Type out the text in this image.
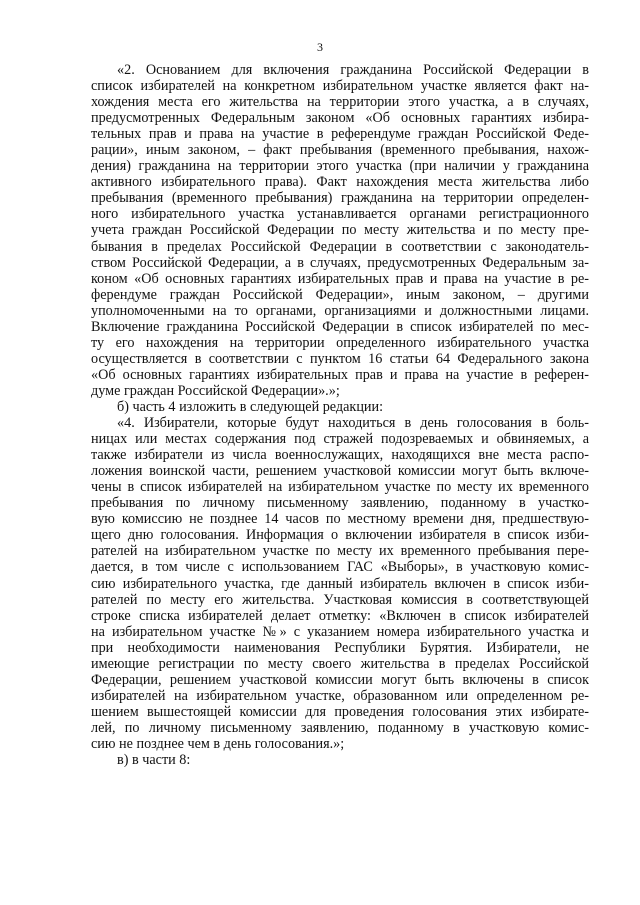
3
«2. Основанием для включения гражданина Российской Федерации в
список избирателей на конкретном избирательном участке является факт на-
хождения места его жительства на территории этого участка, а в случаях,
предусмотренных Федеральным законом «Об основных гарантиях избира-
тельных прав и права на участие в референдуме граждан Российской Феде-
рации», иным законом, – факт пребывания (временного пребывания, нахож-
дения) гражданина на территории этого участка (при наличии у гражданина
активного избирательного права). Факт нахождения места жительства либо
пребывания (временного пребывания) гражданина на территории определен-
ного избирательного участка устанавливается органами регистрационного
учета граждан Российской Федерации по месту жительства и по месту пре-
бывания в пределах Российской Федерации в соответствии с законодатель-
ством Российской Федерации, а в случаях, предусмотренных Федеральным за-
коном «Об основных гарантиях избирательных прав и права на участие в ре-
ферендуме граждан Российской Федерации», иным законом, – другими
уполномоченными на то органами, организациями и должностными лицами.
Включение гражданина Российской Федерации в список избирателей по мес-
ту его нахождения на территории определенного избирательного участка
осуществляется в соответствии с пунктом 16 статьи 64 Федерального закона
«Об основных гарантиях избирательных прав и права на участие в референ-
думе граждан Российской Федерации».»;
б) часть 4 изложить в следующей редакции:
«4. Избиратели, которые будут находиться в день голосования в боль-
ницах или местах содержания под стражей подозреваемых и обвиняемых, а
также избиратели из числа военнослужащих, находящихся вне места распо-
ложения воинской части, решением участковой комиссии могут быть включе-
чены в список избирателей на избирательном участке по месту их временного
пребывания по личному письменному заявлению, поданному в участко-
вую комиссию не позднее 14 часов по местному времени дня, предшествую-
щего дню голосования. Информация о включении избирателя в список изби-
рателей на избирательном участке по месту их временного пребывания пере-
дается, в том числе с использованием ГАС «Выборы», в участковую комис-
сию избирательного участка, где данный избиратель включен в список изби-
рателей по месту его жительства. Участковая комиссия в соответствующей
строке списка избирателей делает отметку: «Включен в список избирателей
на избирательном участке №» с указанием номера избирательного участка и
при необходимости наименования Республики Бурятия. Избиратели, не
имеющие регистрации по месту своего жительства в пределах Российской
Федерации, решением участковой комиссии могут быть включены в список
избирателей на избирательном участке, образованном или определенном ре-
шением вышестоящей комиссии для проведения голосования этих избирате-
лей, по личному письменному заявлению, поданному в участковую комис-
сию не позднее чем в день голосования.»;
в) в части 8:
